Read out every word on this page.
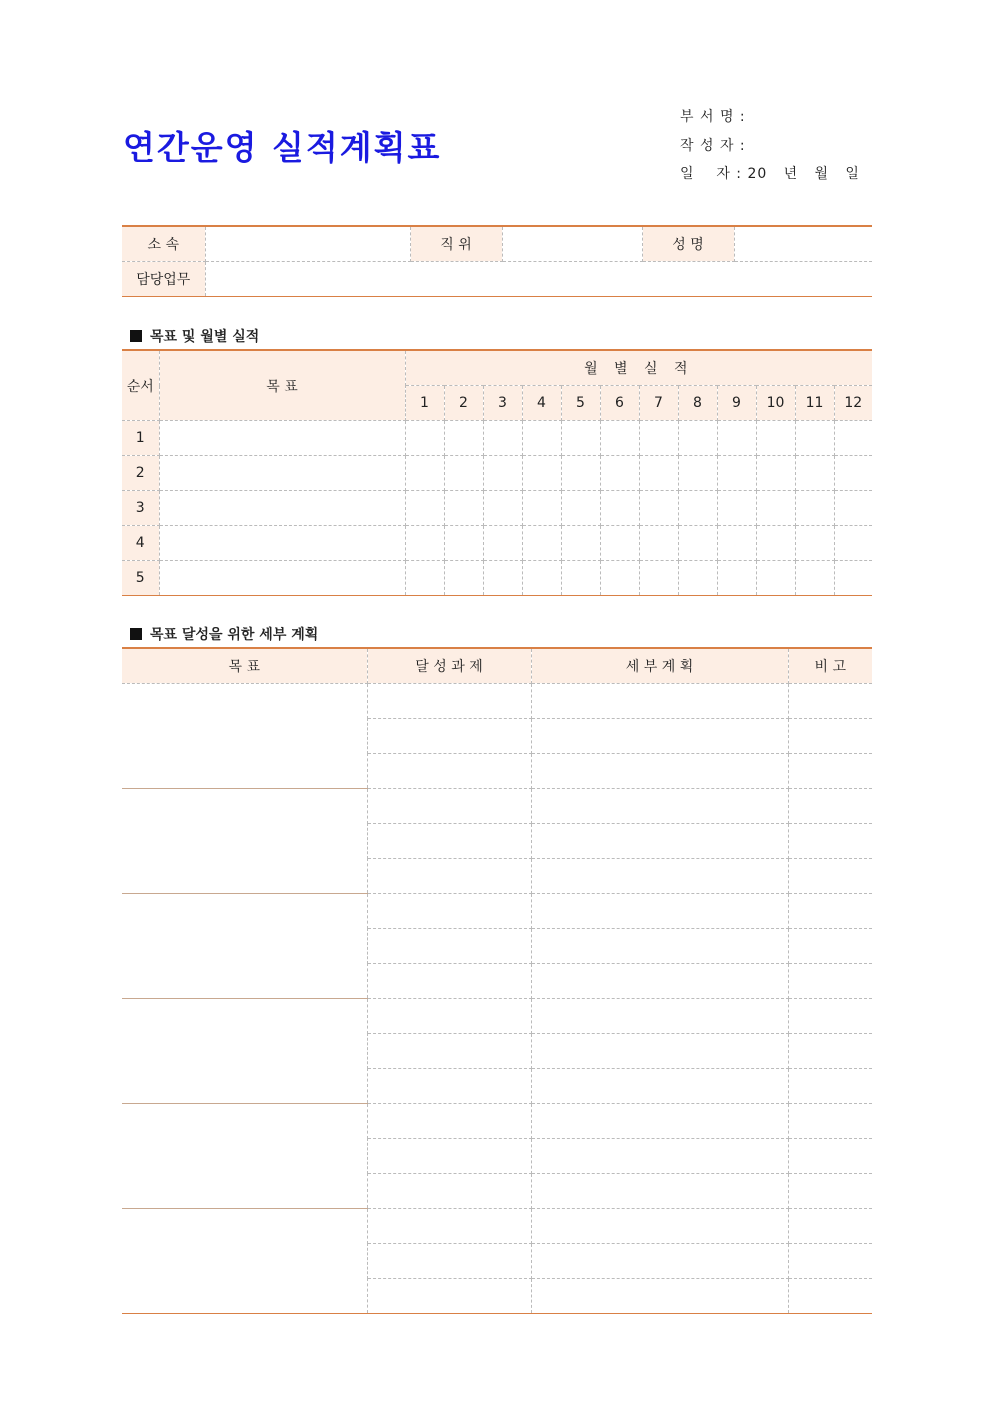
연간운영 실적계획표
부 서 명 :
작 성 자 :
일    자 : 20   년   월   일
소 속		직 위		성 명	
담당업무					
목표 및 월별 실적
순서	목 표	월 별 실 적											
		1	2	3	4	5	6	7	8	9	10	11	12
1													
2													
3													
4													
5													
목표 달성을 위한 세부 계획
목 표	달 성 과 제	세 부 계 획	비 고
